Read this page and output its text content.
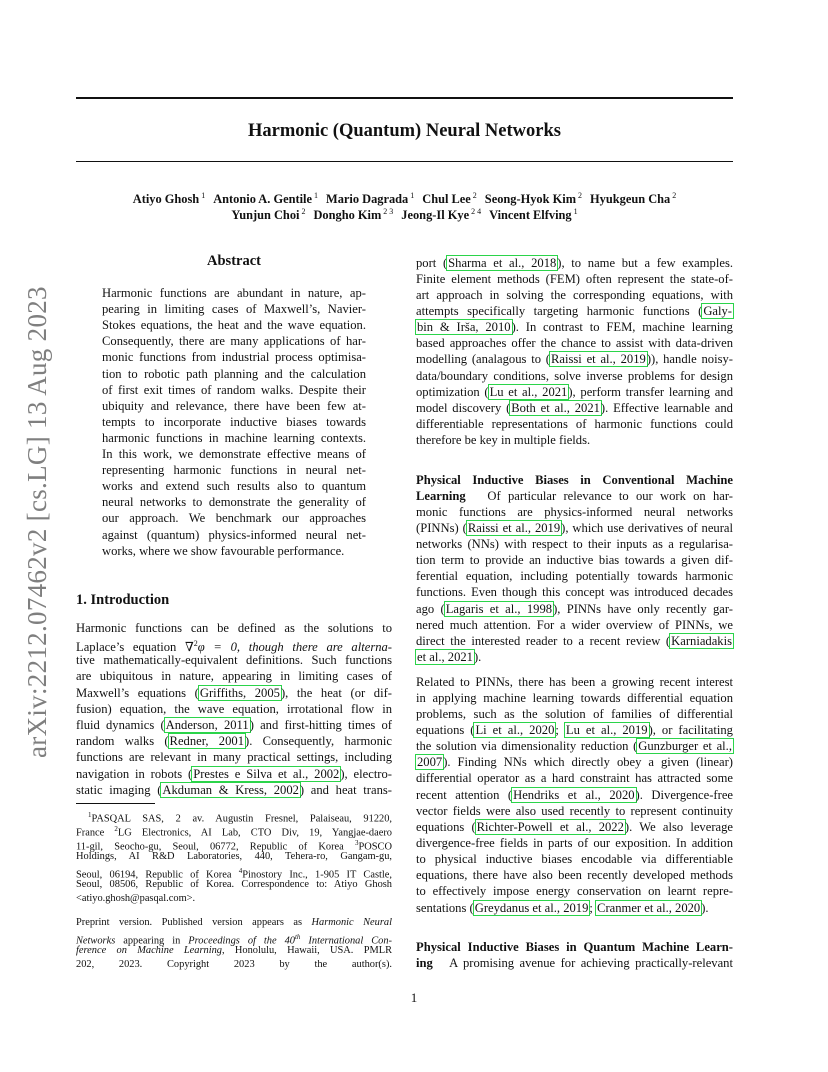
Harmonic (Quantum) Neural Networks
Atiyo Ghosh $^1$ Antonio A. Gentile $^1$ Mario Dagrada $^1$ Chul Lee $^2$ Seong-Hyok Kim $^2$ Hyukgeun Cha $^2$
Yunjun Choi $^2$ Dongho Kim $^{2 3}$ Jeong-Il Kye $^{2 4}$ Vincent Elfving $^1$
arXiv:2212.07462v2 [cs.LG] 13 Aug 2023
Abstract
Harmonic functions are abundant in nature, ap-
pearing in limiting cases of Maxwell’s, Navier-
Stokes equations, the heat and the wave equation.
Consequently, there are many applications of har-
monic functions from industrial process optimisa-
tion to robotic path planning and the calculation
of first exit times of random walks. Despite their
ubiquity and relevance, there have been few at-
tempts to incorporate inductive biases towards
harmonic functions in machine learning contexts.
In this work, we demonstrate effective means of
representing harmonic functions in neural net-
works and extend such results also to quantum
neural networks to demonstrate the generality of
our approach. We benchmark our approaches
against (quantum) physics-informed neural net-
works, where we show favourable performance.
1. Introduction
Harmonic functions can be defined as the solutions to
Laplace’s equation ∇$^2$φ = 0, though there are alterna-
tive mathematically-equivalent definitions. Such functions
are ubiquitous in nature, appearing in limiting cases of
Maxwell’s equations (Griffiths, 2005), the heat (or dif-
fusion) equation, the wave equation, irrotational flow in
fluid dynamics (Anderson, 2011) and first-hitting times of
random walks (Redner, 2001). Consequently, harmonic
functions are relevant in many practical settings, including
navigation in robots (Prestes e Silva et al., 2002), electro-
static imaging (Akduman & Kress, 2002) and heat trans-
$^1$PASQAL SAS, 2 av. Augustin Fresnel, Palaiseau, 91220,
France $^2$LG Electronics, AI Lab, CTO Div, 19, Yangjae-daero
11-gil, Seocho-gu, Seoul, 06772, Republic of Korea $^3$POSCO
Holdings, AI R&D Laboratories, 440, Tehera-ro, Gangam-gu,
Seoul, 06194, Republic of Korea $^4$Pinostory Inc., 1-905 IT Castle,
Seoul, 08506, Republic of Korea. Correspondence to: Atiyo Ghosh
<atiyo.ghosh@pasqal.com>.
Preprint version. Published version appears as Harmonic Neural
Networks appearing in Proceedings of the 40th International Con-
ference on Machine Learning, Honolulu, Hawaii, USA. PMLR
202, 2023. Copyright 2023 by the author(s).
port (Sharma et al., 2018), to name but a few examples.
Finite element methods (FEM) often represent the state-of-
art approach in solving the corresponding equations, with
attempts specifically targeting harmonic functions (Galy-
bin & Irša, 2010). In contrast to FEM, machine learning
based approaches offer the chance to assist with data-driven
modelling (analagous to (Raissi et al., 2019)), handle noisy-
data/boundary conditions, solve inverse problems for design
optimization (Lu et al., 2021), perform transfer learning and
model discovery (Both et al., 2021). Effective learnable and
differentiable representations of harmonic functions could
therefore be key in multiple fields.
Physical Inductive Biases in Conventional Machine
Learning Of particular relevance to our work on har-
monic functions are physics-informed neural networks
(PINNs) (Raissi et al., 2019), which use derivatives of neural
networks (NNs) with respect to their inputs as a regularisa-
tion term to provide an inductive bias towards a given dif-
ferential equation, including potentially towards harmonic
functions. Even though this concept was introduced decades
ago (Lagaris et al., 1998), PINNs have only recently gar-
nered much attention. For a wider overview of PINNs, we
direct the interested reader to a recent review (Karniadakis
et al., 2021).
Related to PINNs, there has been a growing recent interest
in applying machine learning towards differential equation
problems, such as the solution of families of differential
equations (Li et al., 2020; Lu et al., 2019), or facilitating
the solution via dimensionality reduction (Gunzburger et al.,
2007). Finding NNs which directly obey a given (linear)
differential operator as a hard constraint has attracted some
recent attention (Hendriks et al., 2020). Divergence-free
vector fields were also used recently to represent continuity
equations (Richter-Powell et al., 2022). We also leverage
divergence-free fields in parts of our exposition. In addition
to physical inductive biases encodable via differentiable
equations, there have also been recently developed methods
to effectively impose energy conservation on learnt repre-
sentations (Greydanus et al., 2019; Cranmer et al., 2020).
Physical Inductive Biases in Quantum Machine Learn-
ing A promising avenue for achieving practically-relevant
1
